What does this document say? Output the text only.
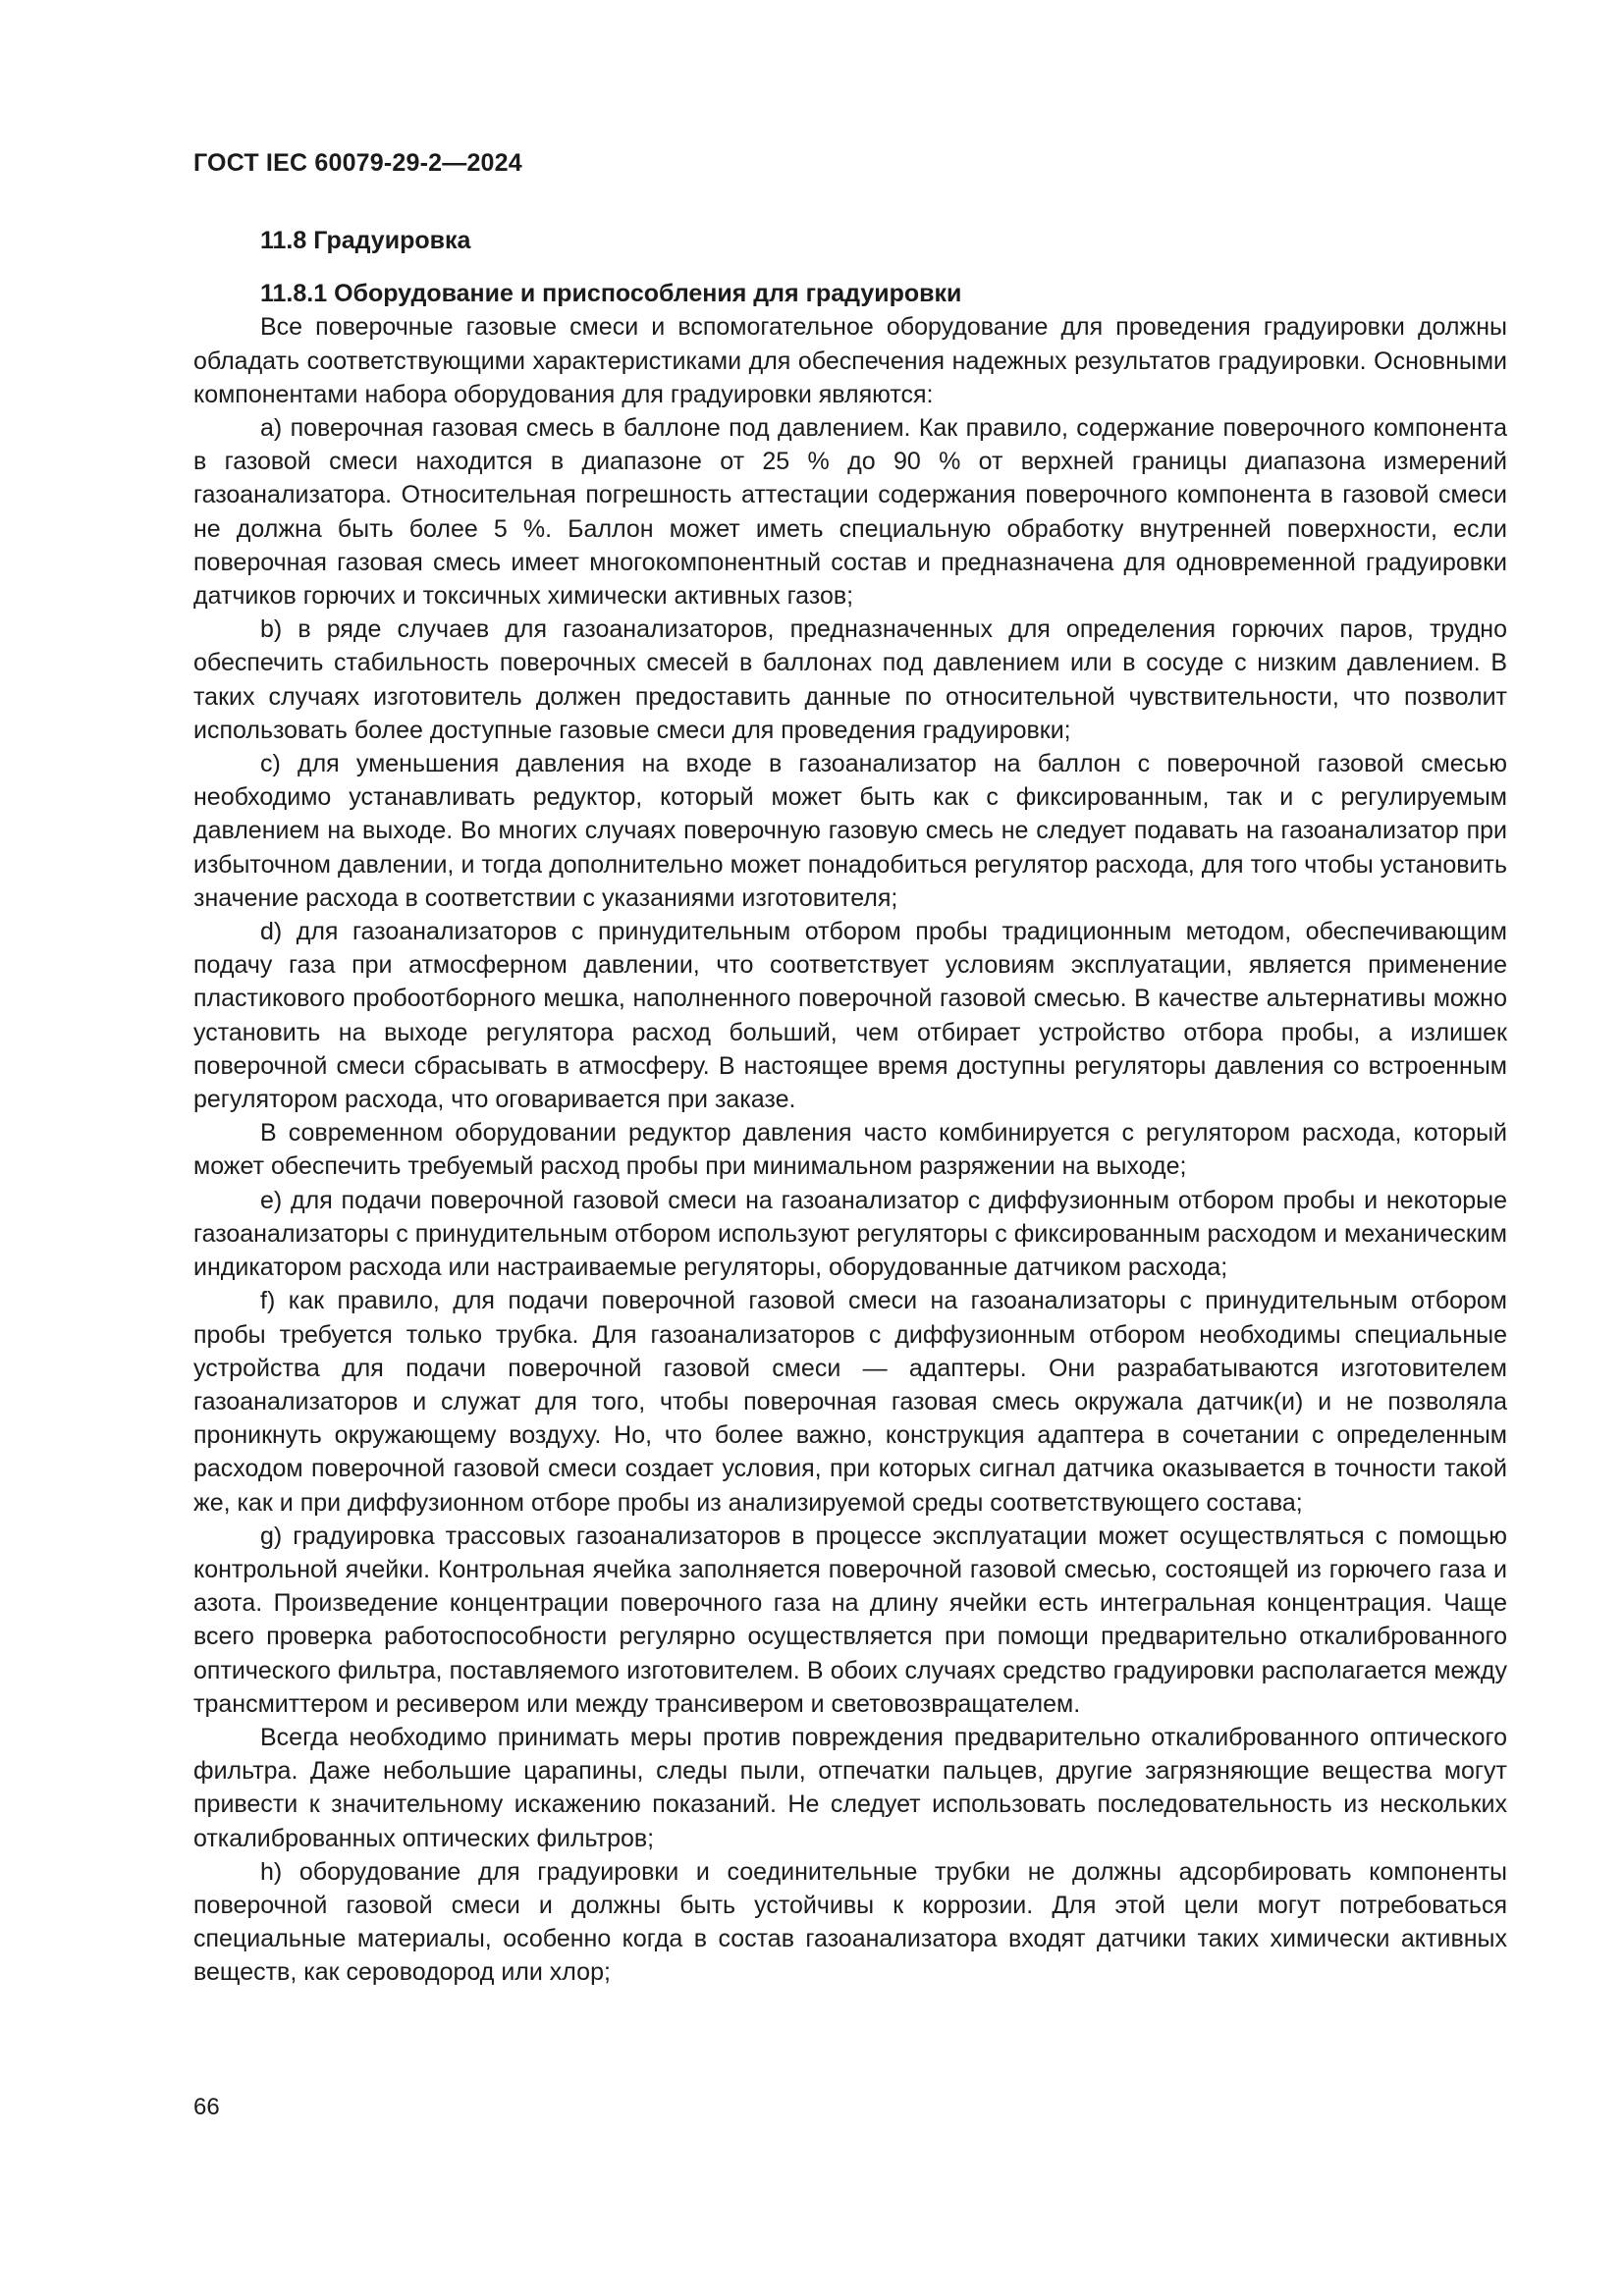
ГОСТ IEC 60079-29-2—2024

11.8 Градуировка

11.8.1 Оборудование и приспособления для градуировки

Все поверочные газовые смеси и вспомогательное оборудование для проведения градуировки должны обладать соответствующими характеристиками для обеспечения надежных результатов градуировки. Основными компонентами набора оборудования для градуировки являются:

a) поверочная газовая смесь в баллоне под давлением. Как правило, содержание поверочного компонента в газовой смеси находится в диапазоне от 25 % до 90 % от верхней границы диапазона измерений газоанализатора. Относительная погрешность аттестации содержания поверочного компонента в газовой смеси не должна быть более 5 %. Баллон может иметь специальную обработку внутренней поверхности, если поверочная газовая смесь имеет многокомпонентный состав и предназначена для одновременной градуировки датчиков горючих и токсичных химически активных газов;

b) в ряде случаев для газоанализаторов, предназначенных для определения горючих паров, трудно обеспечить стабильность поверочных смесей в баллонах под давлением или в сосуде с низким давлением. В таких случаях изготовитель должен предоставить данные по относительной чувствительности, что позволит использовать более доступные газовые смеси для проведения градуировки;

c) для уменьшения давления на входе в газоанализатор на баллон с поверочной газовой смесью необходимо устанавливать редуктор, который может быть как с фиксированным, так и с регулируемым давлением на выходе. Во многих случаях поверочную газовую смесь не следует подавать на газоанализатор при избыточном давлении, и тогда дополнительно может понадобиться регулятор расхода, для того чтобы установить значение расхода в соответствии с указаниями изготовителя;

d) для газоанализаторов с принудительным отбором пробы традиционным методом, обеспечивающим подачу газа при атмосферном давлении, что соответствует условиям эксплуатации, является применение пластикового пробоотборного мешка, наполненного поверочной газовой смесью. В качестве альтернативы можно установить на выходе регулятора расход больший, чем отбирает устройство отбора пробы, а излишек поверочной смеси сбрасывать в атмосферу. В настоящее время доступны регуляторы давления со встроенным регулятором расхода, что оговаривается при заказе.

В современном оборудовании редуктор давления часто комбинируется с регулятором расхода, который может обеспечить требуемый расход пробы при минимальном разряжении на выходе;

e) для подачи поверочной газовой смеси на газоанализатор с диффузионным отбором пробы и некоторые газоанализаторы с принудительным отбором используют регуляторы с фиксированным расходом и механическим индикатором расхода или настраиваемые регуляторы, оборудованные датчиком расхода;

f) как правило, для подачи поверочной газовой смеси на газоанализаторы с принудительным отбором пробы требуется только трубка. Для газоанализаторов с диффузионным отбором необходимы специальные устройства для подачи поверочной газовой смеси — адаптеры. Они разрабатываются изготовителем газоанализаторов и служат для того, чтобы поверочная газовая смесь окружала датчик(и) и не позволяла проникнуть окружающему воздуху. Но, что более важно, конструкция адаптера в сочетании с определенным расходом поверочной газовой смеси создает условия, при которых сигнал датчика оказывается в точности такой же, как и при диффузионном отборе пробы из анализируемой среды соответствующего состава;

g) градуировка трассовых газоанализаторов в процессе эксплуатации может осуществляться с помощью контрольной ячейки. Контрольная ячейка заполняется поверочной газовой смесью, состоящей из горючего газа и азота. Произведение концентрации поверочного газа на длину ячейки есть интегральная концентрация. Чаще всего проверка работоспособности регулярно осуществляется при помощи предварительно откалиброванного оптического фильтра, поставляемого изготовителем. В обоих случаях средство градуировки располагается между трансмиттером и ресивером или между трансивером и световозвращателем.

Всегда необходимо принимать меры против повреждения предварительно откалиброванного оптического фильтра. Даже небольшие царапины, следы пыли, отпечатки пальцев, другие загрязняющие вещества могут привести к значительному искажению показаний. Не следует использовать последовательность из нескольких откалиброванных оптических фильтров;

h) оборудование для градуировки и соединительные трубки не должны адсорбировать компоненты поверочной газовой смеси и должны быть устойчивы к коррозии. Для этой цели могут потребоваться специальные материалы, особенно когда в состав газоанализатора входят датчики таких химически активных веществ, как сероводород или хлор;

66
